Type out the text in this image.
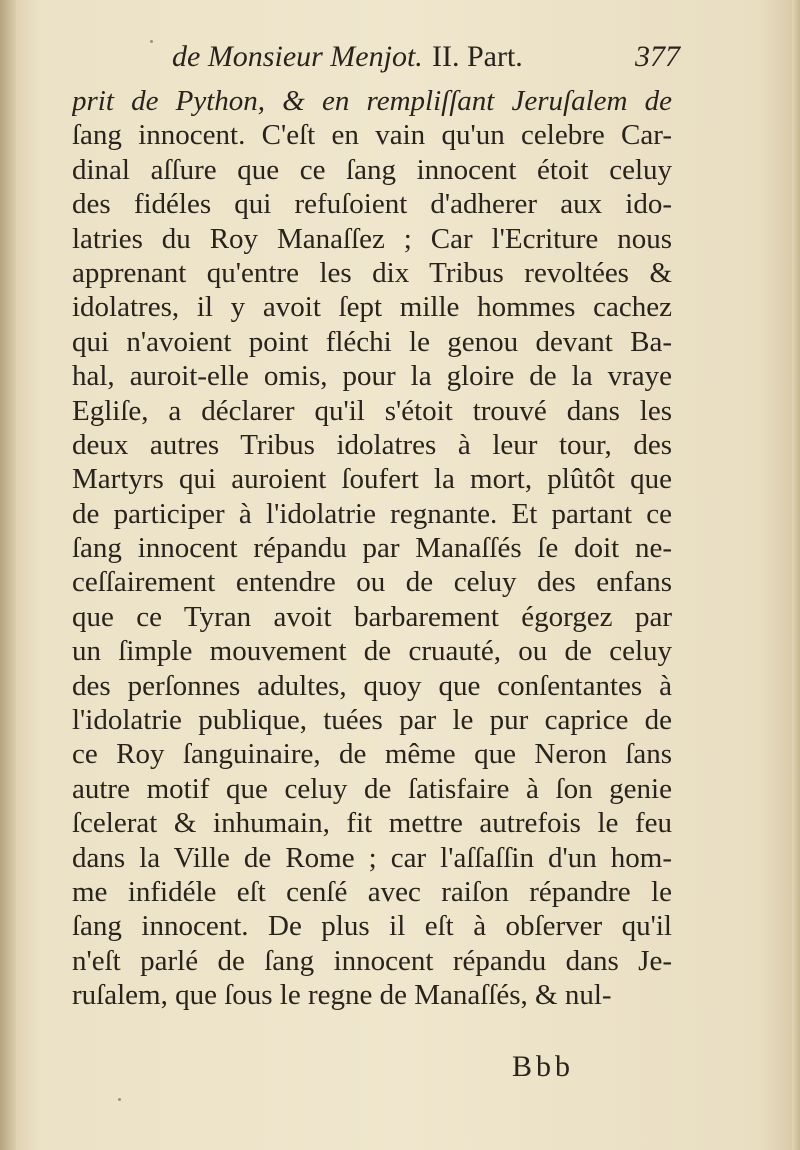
de Monsieur Menjot. II. Part.	377
prit de Python, & en rempliſſant Jeruſalem de
ſang innocent. C'eſt en vain qu'un celebre Car-
dinal aſſure que ce ſang innocent étoit celuy
des fidéles qui refuſoient d'adherer aux ido-
latries du Roy Manaſſez ; Car l'Ecriture nous
apprenant qu'entre les dix Tribus revoltées &
idolatres, il y avoit ſept mille hommes cachez
qui n'avoient point fléchi le genou devant Ba-
hal, auroit-elle omis, pour la gloire de la vraye
Egliſe, a déclarer qu'il s'étoit trouvé dans les
deux autres Tribus idolatres à leur tour, des
Martyrs qui auroient ſoufert la mort, plûtôt que
de participer à l'idolatrie regnante. Et partant ce
ſang innocent répandu par Manaſſés ſe doit ne-
ceſſairement entendre ou de celuy des enfans
que ce Tyran avoit barbarement égorgez par
un ſimple mouvement de cruauté, ou de celuy
des perſonnes adultes, quoy que conſentantes à
l'idolatrie publique, tuées par le pur caprice de
ce Roy ſanguinaire, de même que Neron ſans
autre motif que celuy de ſatisfaire à ſon genie
ſcelerat & inhumain, fit mettre autrefois le feu
dans la Ville de Rome ; car l'aſſaſſin d'un hom-
me infidéle eſt cenſé avec raiſon répandre le
ſang innocent. De plus il eſt à obſerver qu'il
n'eſt parlé de ſang innocent répandu dans Je-
ruſalem, que ſous le regne de Manaſſés, & nul-
Bbb
